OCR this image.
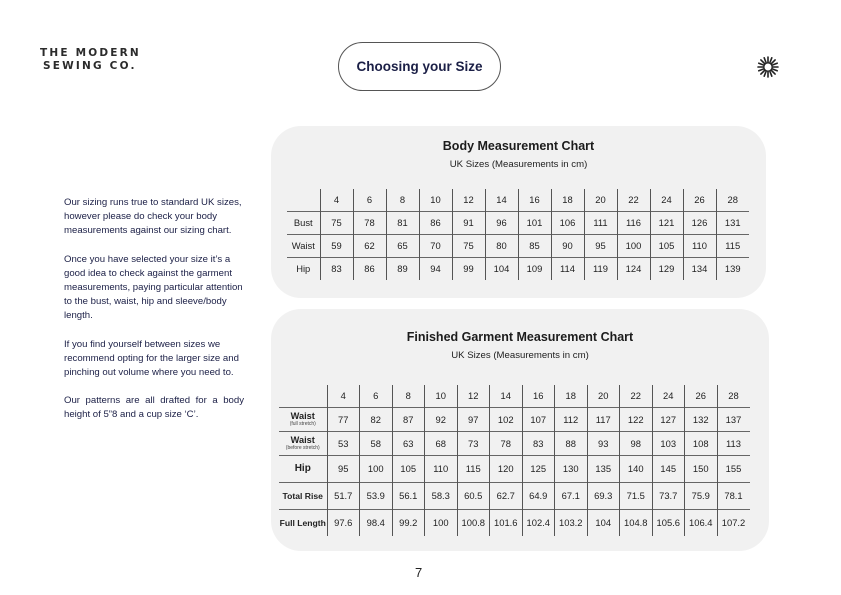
THE MODERN
SEWING CO.	Choosing your Size

Our sizing runs true to standard UK sizes, however please do check your body measurements against our sizing chart.

Once you have selected your size it’s a good idea to check against the garment measurements, paying particular attention to the bust, waist, hip and sleeve/body length.

If you find yourself between sizes we recommend opting for the larger size and pinching out volume where you need to.

Our patterns are all drafted for a body height of 5”8 and a cup size ‘C’.

Body Measurement Chart
UK Sizes (Measurements in cm)
	4	6	8	10	12	14	16	18	20	22	24	26	28
Bust	75	78	81	86	91	96	101	106	111	116	121	126	131
Waist	59	62	65	70	75	80	85	90	95	100	105	110	115
Hip	83	86	89	94	99	104	109	114	119	124	129	134	139
Finished Garment Measurement Chart
UK Sizes (Measurements in cm)
	4	6	8	10	12	14	16	18	20	22	24	26	28

Waist
(full stretch)	77	82	87	92	97	102	107	112	117	122	127	132	137

Waist
(before stretch)	53	58	63	68	73	78	83	88	93	98	103	108	113
Hip	95	100	105	110	115	120	125	130	135	140	145	150	155
Total Rise	51.7	53.9	56.1	58.3	60.5	62.7	64.9	67.1	69.3	71.5	73.7	75.9	78.1
Full Length	97.6	98.4	99.2	100	100.8	101.6	102.4	103.2	104	104.8	105.6	106.4	107.2
7
